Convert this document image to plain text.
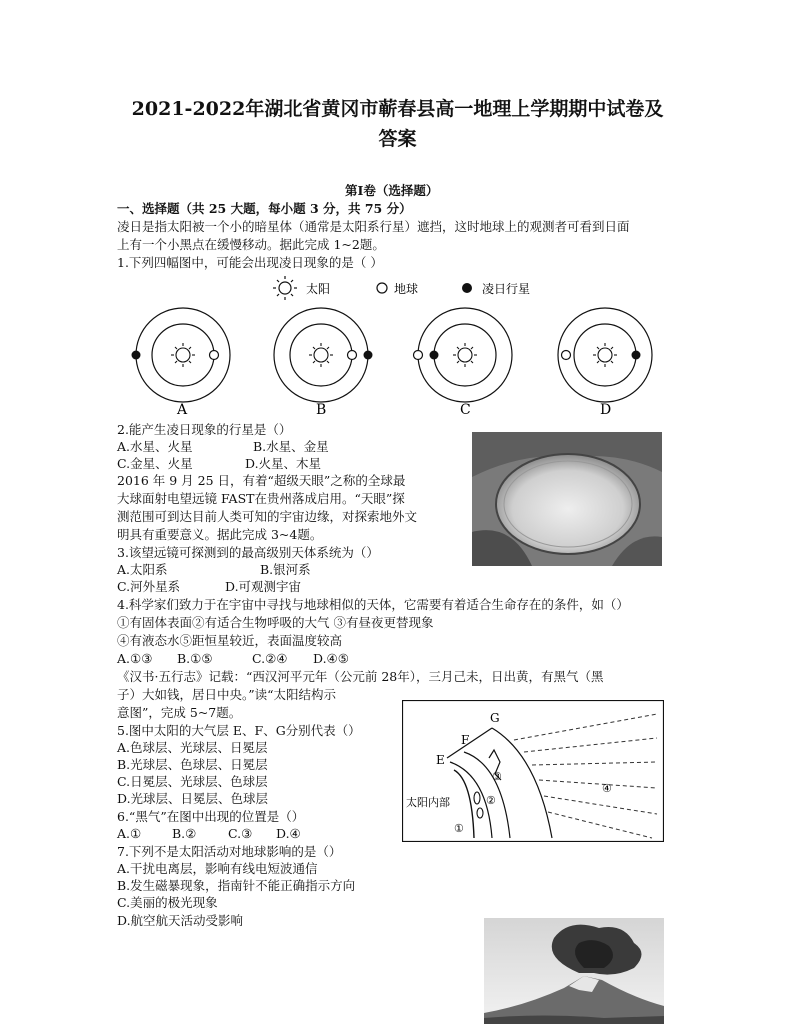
2021-2022年湖北省黄冈市蕲春县高一地理上学期期中试卷及
答案
第Ⅰ卷（选择题）
一、选择题（共 25 大题，每小题 3 分，共 75 分）
凌日是指太阳被一个小的暗星体（通常是太阳系行星）遮挡，这时地球上的观测者可看到日面
上有一个小黑点在缓慢移动。据此完成 1~2题。
1.下列四幅图中，可能会出现凌日现象的是（ ）
太阳	地球	凌日行星
A	B	C	D
2.能产生凌日现象的行星是（）
A.水星、火星	B.水星、金星
C.金星、火星	D.火星、木星
2016 年 9 月 25 日，有着“超级天眼”之称的全球最
大球面射电望远镜 FAST在贵州落成启用。“天眼”探
测范围可到达目前人类可知的宇宙边缘，对探索地外文
明具有重要意义。据此完成 3~4题。
3.该望远镜可探测到的最高级别天体系统为（）
A.太阳系	B.银河系
C.河外星系	D.可观测宇宙
4.科学家们致力于在宇宙中寻找与地球相似的天体，它需要有着适合生命存在的条件，如（）
①有固体表面②有适合生物呼吸的大气 ③有昼夜更替现象
④有液态水⑤距恒星较近，表面温度较高
A.①③ B.①⑤	C.②④ D.④⑤
《汉书·五行志》记载：“西汉河平元年（公元前 28年），三月己未，日出黄，有黑气（黑
子）大如钱，居日中央。”读“太阳结构示
意图”，完成 5~7题。
5.图中太阳的大气层 E、F、G分别代表（）
A.色球层、光球层、日冕层
B.光球层、色球层、日冕层
C.日冕层、光球层、色球层
D.光球层、日冕层、色球层
6.“黑气”在图中出现的位置是（）
A.① B.②	C.③ D.④
7.下列不是太阳活动对地球影响的是（）
A.干扰电离层，影响有线电短波通信
B.发生磁暴现象，指南针不能正确指示方向
C.美丽的极光现象
D.航空航天活动受影响
G
F
E
④
③
②
①
太阳内部
